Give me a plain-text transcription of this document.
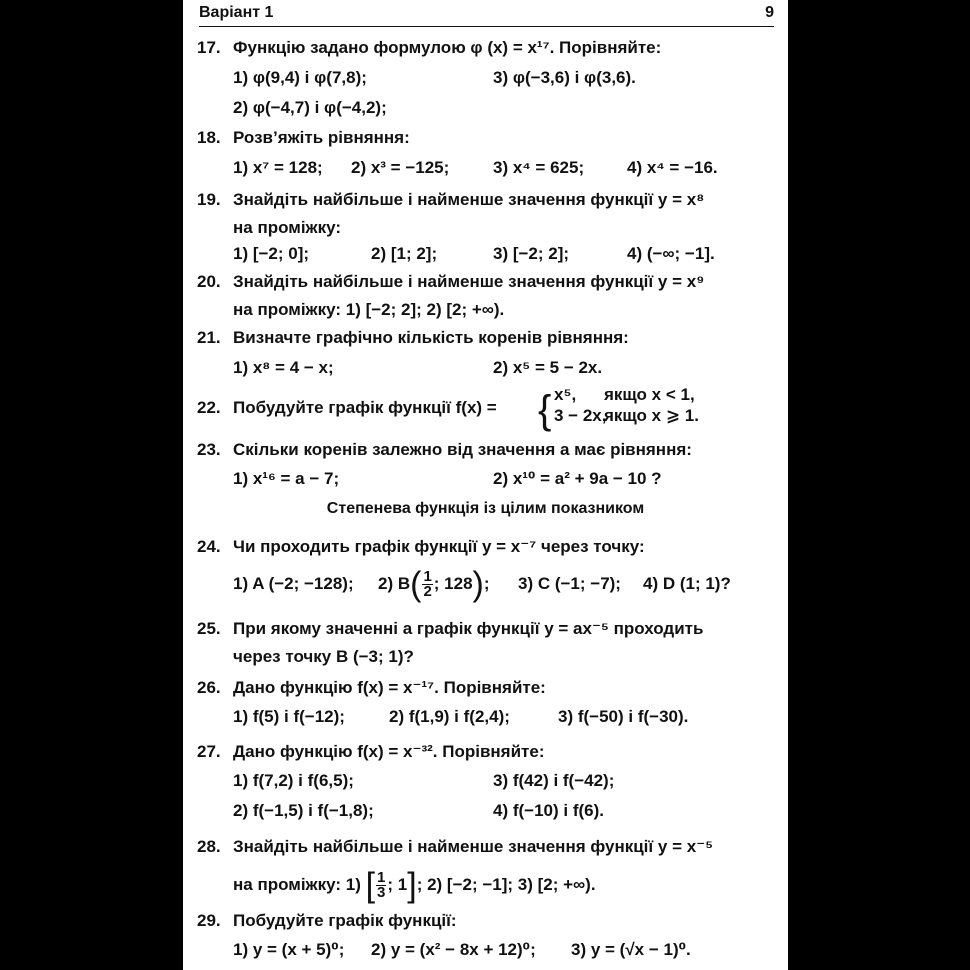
Варіант 1	9
17. Функцію задано формулою φ (x) = x¹⁷. Порівняйте:
1) φ(9,4) і φ(7,8);	3) φ(−3,6) і φ(3,6).
2) φ(−4,7) і φ(−4,2);
18. Розв’яжіть рівняння:
1) x⁷ = 128; 2) x³ = −125;	3) x⁴ = 625;	4) x⁴ = −16.
19. Знайдіть найбільше і найменше значення функції y = x⁸
на проміжку:
1) [−2; 0];	2) [1; 2];	3) [−2; 2];	4) (−∞; −1].
20. Знайдіть найбільше і найменше значення функції y = x⁹
на проміжку: 1) [−2; 2]; 2) [2; +∞).
21. Визначте графічно кількість коренів рівняння:
1) x⁸ = 4 − x;	2) x⁵ = 5 − 2x.
22. Побудуйте графік функції f(x) = { x⁵, якщо x < 1,
3 − 2x,
якщо x ⩾ 1.
23. Скільки коренів залежно від значення a має рівняння:
1) x¹⁶ = a − 7;	2) x¹⁰ = a² + 9a − 10 ?
Степенева функція із цілим показником
24. Чи проходить графік функції y = x⁻⁷ через точку:
1) A (−2; −128); 2) $B( \frac{1}{2}$ ; 128); 3) C (−1; −7); 4) D (1; 1)?
25. При якому значенні a графік функції y = ax⁻⁵ проходить
через точку B (−3; 1)?
26. Дано функцію f(x) = x⁻¹⁷. Порівняйте:
1) f(5) і f(−12);	2) f(1,9) і f(2,4);	3) f(−50) і f(−30).
27. Дано функцію f(x) = x⁻³². Порівняйте:
1) f(7,2) і f(6,5);	3) f(42) і f(−42);
2) f(−1,5) і f(−1,8);	4) f(−10) і f(6).
28. Знайдіть найбільше і найменше значення функції y = x⁻⁵
на проміжку: 1) [ $\frac{1}{3}$ ; 1]; 2) [−2; −1]; 3) [2; +∞).
29. Побудуйте графік функції:
1) y = (x + 5)⁰; 2) y = (x² − 8x + 12)⁰; 3) y = (√x − 1)⁰.
